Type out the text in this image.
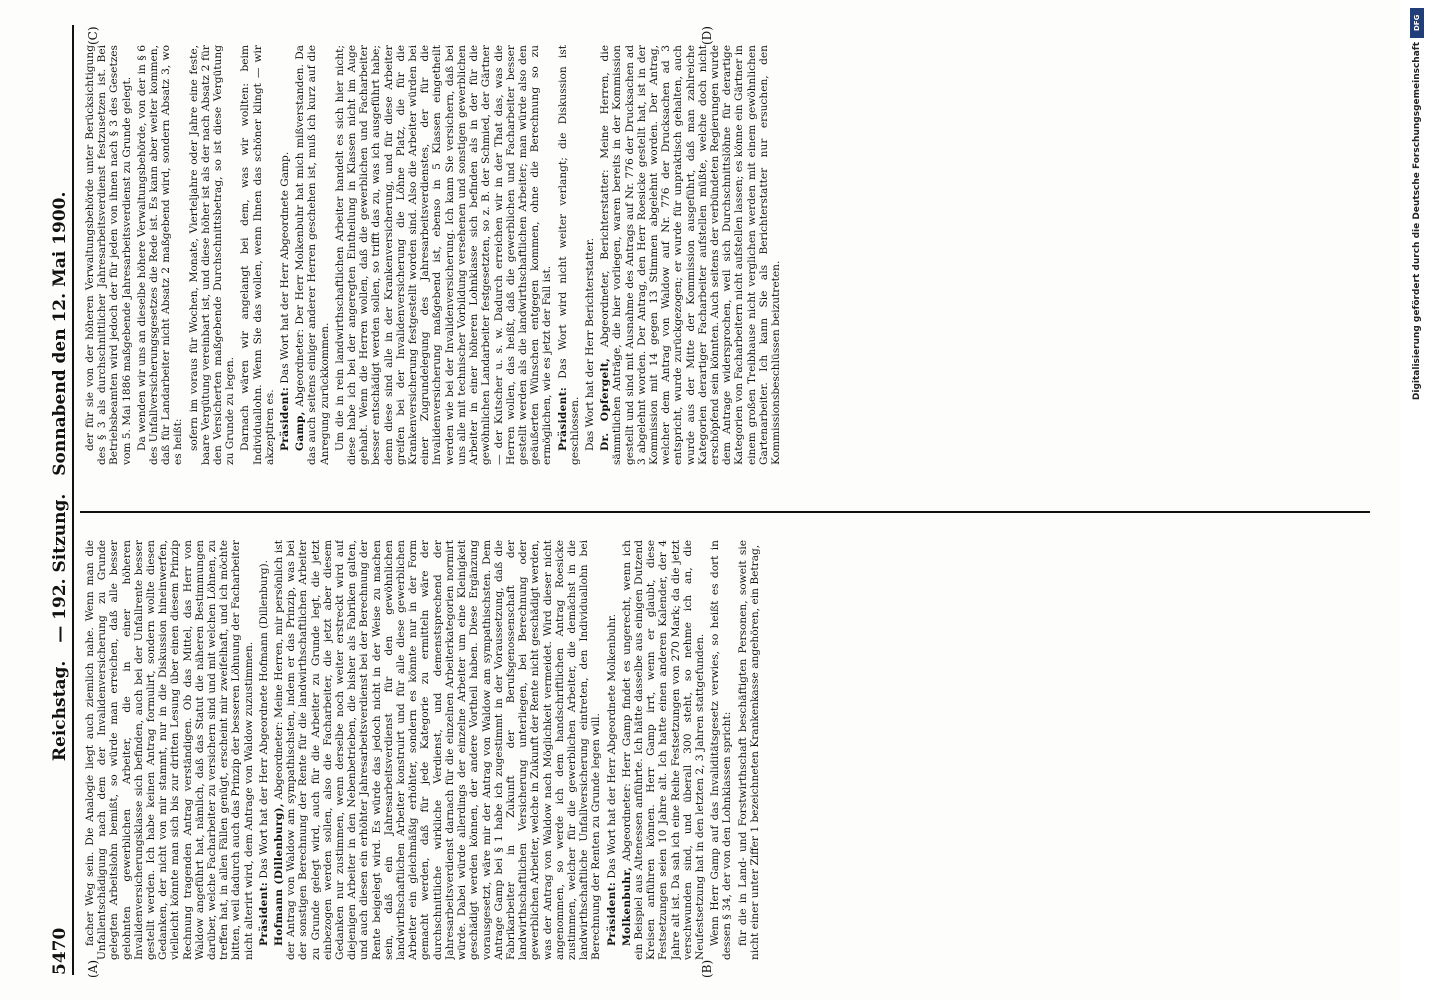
5470
Reichstag.
— 192. Sitzung.
Sonnabend den 12. Mai 1900.
(A)	(B)
(C)	(D)

facher Weg sein. Die Analogie liegt auch ziemlich nahe. Wenn man die Unfallentschädigung nach dem der Invalidenversicherung zu Grunde gelegten Arbeitslohn bemißt, so würde man erreichen, daß alle besser gelohnten gewerblichen Arbeiter, die in einer höheren Invalidenversicherungsklasse sich befinden, auch bei der Unfallrente besser gestellt werden. Ich habe keinen Antrag formulirt, sondern wollte diesen Gedanken, der nicht von mir stammt, nur in die Diskussion hineinwerfen, vielleicht könnte man sich bis zur dritten Lesung über einen diesem Prinzip Rechnung tragenden Antrag verständigen. Ob das Mittel, das Herr von Waldow angeführt hat, nämlich, daß das Statut die näheren Bestimmungen darüber, welche Facharbeiter zu versichern sind und mit welchen Löhnen, zu treffen hat, in allen Fällen genügt, erscheint mir zweifelhaft, und ich möchte bitten, weil dadurch auch das Prinzip der besseren Löhnung der Facharbeiter nicht alterirt wird, dem Antrage von Waldow zuzustimmen. Präsident: Das Wort hat der Herr Abgeordnete Hofmann (Dillenburg). Hofmann (Dillenburg), Abgeordneter: Meine Herren, mir persönlich ist der Antrag von Waldow am sympathischsten, indem er das Prinzip, was bei der sonstigen Berechnung der Rente für die landwirthschaftlichen Arbeiter zu Grunde gelegt wird, auch für die Arbeiter zu Grunde legt, die jetzt einbezogen werden sollen, also die Facharbeiter, die jetzt aber diesem Gedanken nur zustimmen, wenn derselbe noch weiter erstreckt wird auf diejenigen Arbeiter in den Nebenbetrieben, die bisher als Fabriken galten, und auch diesen ein erhöhter Jahresarbeitsverdienst bei der Berechnung der Rente beigelegt wird. Es würde das jedoch nicht in der Weise zu machen sein, daß ein Jahresarbeitsverdienst für den gewöhnlichen landwirthschaftlichen Arbeiter konstruirt und für alle diese gewerblichen Arbeiter ein gleichmäßig erhöhter, sondern es könnte nur in der Form gemacht werden, daß für jede Kategorie zu ermitteln wäre der durchschnittliche wirkliche Verdienst, und demenstsprechend der Jahresarbeitsverdienst darnach für die einzelnen Arbeiterkategorien normirt würde. Dabei würde allerdings der einzelne Arbeiter um eine Kleinigkeit geschädigt werden können, der andere Vortheil haben. Diese Ergänzung vorausgesetzt, wäre mir der Antrag von Waldow am sympathischsten. Dem Antrage Gamp bei § 1 habe ich zugestimmt in der Voraussetzung, daß die Fabrikarbeiter in Zukunft der Berufsgenossenschaft der landwirthschaftlichen Versicherung unterliegen, bei Berechnung oder gewerblichen Arbeiter, welche in Zukunft der Rente nicht geschädigt werden, was der Antrag von Waldow nach Möglichkeit vermeidet. Wird dieser nicht angenommen, so werde ich dem handschriftlichen Antrag Roesicke zustimmen, welcher für die gewerblichen Arbeiter, die demächst in die landwirthschaftliche Unfallversicherung eintreten, den Individuallohn bei Berechnung der Renten zu Grunde legen will. Präsident: Das Wort hat der Herr Abgeordnete Molkenbuhr.

Molkenbuhr, Abgeordneter: Herr Gamp findet es ungerecht, wenn ich ein Beispiel aus Altenessen anführte. Ich hätte dasselbe aus einigen Dutzend Kreisen anführen können. Herr Gamp irrt, wenn er glaubt, diese Festsetzungen seien 10 Jahre alt. Ich hatte einen anderen Kalender, der 4 Jahre alt ist. Da sah ich eine Reihe Festsetzungen von 270 Mark; da die jetzt verschwunden sind, und überall 300 steht, so nehme ich an, die Neufestsetzung hat in den letzten 2, 3 Jahren stattgefunden. Wenn Herr Gamp auf das Invaliditätsgesetz verwies, so heißt es dort in dessen § 34, der von den Lohnklassen spricht: für die in Land- und Forstwirthschaft beschäftigten Personen, soweit sie nicht einer unter Ziffer 1 bezeichneten Krankenkasse angehören, ein Betrag,

der für sie von der höheren Verwaltungsbehörde unter Berücksichtigung des § 3 als durchschnittlicher Jahresarbeitsverdienst festzusetzen ist. Bei Betriebsbeamten wird jedoch der für jeden von ihnen nach § 3 des Gesetzes vom 5. Mai 1886 maßgebende Jahresarbeitsverdienst zu Grunde gelegt. Da wenden wir uns an dieselbe höhere Verwaltungsbehörde, von der in § 6 des Unfallversicherungsgesetzes die Rede ist. Es kann aber weiter kommen, daß für Landarbeiter nicht Absatz 2 maßgebend wird, sondern Absatz 3, wo es heißt: sofern im voraus für Wochen, Monate, Vierteljahre oder Jahre eine feste, baare Vergütung vereinbart ist, und diese höher ist als der nach Absatz 2 für den Versicherten maßgebende Durchschnittsbetrag, so ist diese Vergütung zu Grunde zu legen. Darnach wären wir angelangt bei dem, was wir wollten: beim Individuallohn. Wenn Sie das wollen, wenn Ihnen das schöner klingt — wir akzeptiren es. Präsident: Das Wort hat der Herr Abgeordnete Gamp.

Gamp, Abgeordneter: Der Herr Molkenbuhr hat mich mißverstanden. Da das auch seitens einiger anderer Herren geschehen ist, muß ich kurz auf die Anregung zurückkommen. Um die in rein landwirthschaftlichen Arbeiter handelt es sich hier nicht; diese habe ich bei der angeregten Eintheilung in Klassen nicht im Auge gehabt. Wenn die Herren wollen, daß die gewerblichen und Facharbeiter besser entschädigt werden sollen, so trifft das zu, was ich ausgeführt habe; denn diese sind alle in der Krankenversicherung, und für diese Arbeiter greifen bei der Invalidenversicherung die Löhne Platz, die für die Krankenversicherung festgestellt worden sind. Also die Arbeiter würden bei einer Zugrundelegung des Jahresarbeitsverdienstes, der für die Invalidenversicherung maßgebend ist, ebenso in 5 Klassen eingetheilt werden wie bei der Invalidenversicherung. Ich kann Sie versichern, daß bei uns alle mit technischer Vorbildung versehenen und sonstigen gewerblichen Arbeiter in einer höheren Lohnklasse sich befinden als in der für die gewöhnlichen Landarbeiter festgesetzten, so z. B. der Schmied, der Gärtner — der Kutscher u. s. w. Dadurch erreichen wir in der That das, was die Herren wollen, das heißt, daß die gewerblichen und Facharbeiter besser gestellt werden als die landwirthschaftlichen Arbeiter; man würde also den geäußerten Wünschen entgegen kommen, ohne die Berechnung so zu ermöglichen, wie es jetzt der Fall ist. Präsident: Das Wort wird nicht weiter verlangt; die Diskussion ist geschlossen. Das Wort hat der Herr Berichterstatter. Dr. Opfergelt, Abgeordneter, Berichterstatter: Meine Herren, die sämmtlichen Anträge, die hier vorliegen, waren bereits in der Kommission gestellt und sind mit Ausnahme des Antrags auf Nr. 776 der Drucksachen ad 3 abgelehnt worden. Der Antrag, den Herr Roesicke gestellt hat, ist in der Kommission mit 14 gegen 13 Stimmen abgelehnt worden. Der Antrag, welcher dem Antrag von Waldow auf Nr. 776 der Drucksachen ad 3 entspricht, wurde zurückgezogen; er wurde für unpraktisch gehalten, auch wurde aus der Mitte der Kommission ausgeführt, daß man zahlreiche Kategorien derartiger Facharbeiter aufstellen müßte, welche doch nicht erschöpfend sein könnten. Auch seitens der verbündeten Regierungen wurde dem Antrage widersprochen, weil sich Durchschnittslöhne für derartige Kategorien von Facharbeitern nicht aufstellen lassen; es könne ein Gärtner in einem großen Treibhause nicht verglichen werden mit einem gewöhnlichen Gartenarbeiter. Ich kann Sie als Berichterstatter nur ersuchen, den Kommissionsbeschlüssen beizutreten.

DFG
Digitalisierung gefördert durch die Deutsche Forschungsgemeinschaft
